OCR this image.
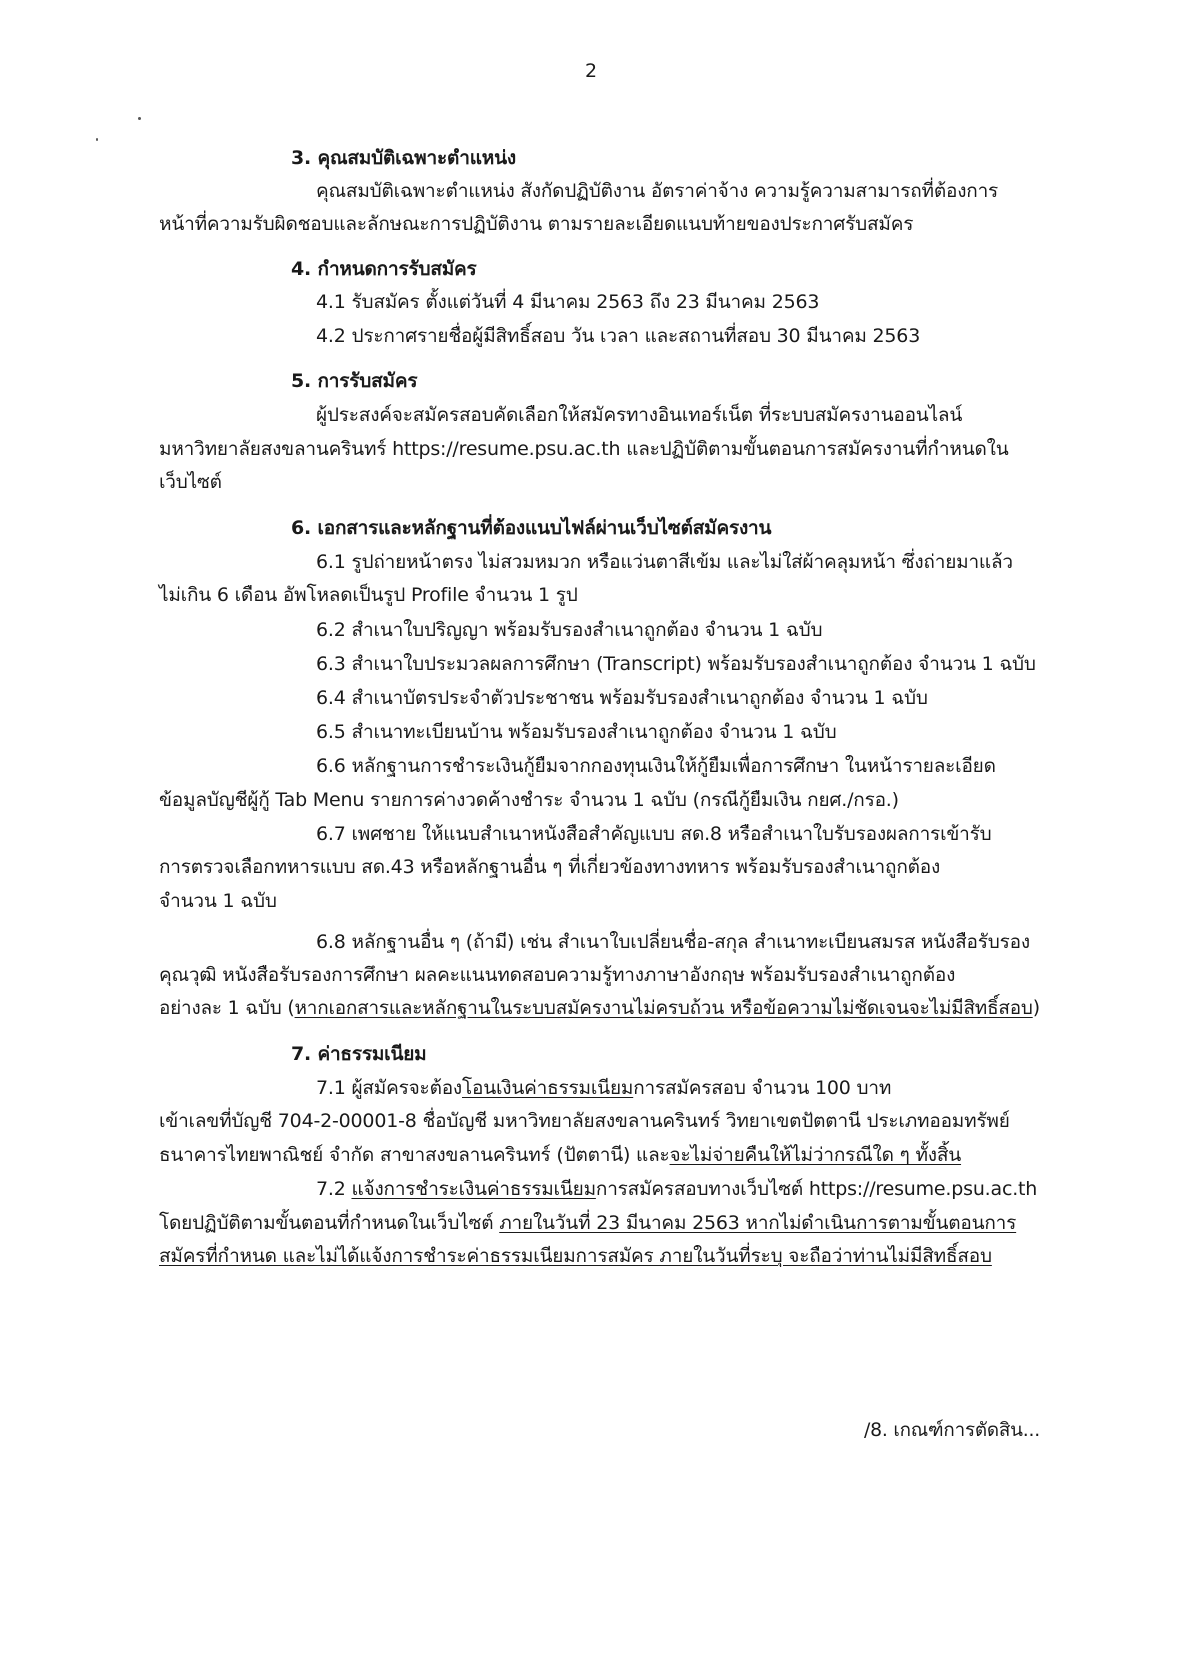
2
3. คุณสมบัติเฉพาะตำแหน่ง
คุณสมบัติเฉพาะตำแหน่ง สังกัดปฏิบัติงาน อัตราค่าจ้าง ความรู้ความสามารถที่ต้องการ
หน้าที่ความรับผิดชอบและลักษณะการปฏิบัติงาน ตามรายละเอียดแนบท้ายของประกาศรับสมัคร
4. กำหนดการรับสมัคร
4.1 รับสมัคร ตั้งแต่วันที่ 4 มีนาคม 2563 ถึง 23 มีนาคม 2563
4.2 ประกาศรายชื่อผู้มีสิทธิ์สอบ วัน เวลา และสถานที่สอบ 30 มีนาคม 2563
5. การรับสมัคร
ผู้ประสงค์จะสมัครสอบคัดเลือกให้สมัครทางอินเทอร์เน็ต ที่ระบบสมัครงานออนไลน์
มหาวิทยาลัยสงขลานครินทร์ https://resume.psu.ac.th และปฏิบัติตามขั้นตอนการสมัครงานที่กำหนดใน
เว็บไซต์
6. เอกสารและหลักฐานที่ต้องแนบไฟล์ผ่านเว็บไซต์สมัครงาน
6.1 รูปถ่ายหน้าตรง ไม่สวมหมวก หรือแว่นตาสีเข้ม และไม่ใส่ผ้าคลุมหน้า ซึ่งถ่ายมาแล้ว
ไม่เกิน 6 เดือน อัพโหลดเป็นรูป Profile จำนวน 1 รูป
6.2 สำเนาใบปริญญา พร้อมรับรองสำเนาถูกต้อง จำนวน 1 ฉบับ
6.3 สำเนาใบประมวลผลการศึกษา (Transcript) พร้อมรับรองสำเนาถูกต้อง จำนวน 1 ฉบับ
6.4 สำเนาบัตรประจำตัวประชาชน พร้อมรับรองสำเนาถูกต้อง จำนวน 1 ฉบับ
6.5 สำเนาทะเบียนบ้าน พร้อมรับรองสำเนาถูกต้อง จำนวน 1 ฉบับ
6.6 หลักฐานการชำระเงินกู้ยืมจากกองทุนเงินให้กู้ยืมเพื่อการศึกษา ในหน้ารายละเอียด
ข้อมูลบัญชีผู้กู้ Tab Menu รายการค่างวดค้างชำระ จำนวน 1 ฉบับ (กรณีกู้ยืมเงิน กยศ./กรอ.)
6.7 เพศชาย ให้แนบสำเนาหนังสือสำคัญแบบ สด.8 หรือสำเนาใบรับรองผลการเข้ารับ
การตรวจเลือกทหารแบบ สด.43 หรือหลักฐานอื่น ๆ ที่เกี่ยวข้องทางทหาร พร้อมรับรองสำเนาถูกต้อง
จำนวน 1 ฉบับ
6.8 หลักฐานอื่น ๆ (ถ้ามี) เช่น สำเนาใบเปลี่ยนชื่อ-สกุล สำเนาทะเบียนสมรส หนังสือรับรอง
คุณวุฒิ หนังสือรับรองการศึกษา ผลคะแนนทดสอบความรู้ทางภาษาอังกฤษ พร้อมรับรองสำเนาถูกต้อง
อย่างละ 1 ฉบับ (หากเอกสารและหลักฐานในระบบสมัครงานไม่ครบถ้วน หรือข้อความไม่ชัดเจนจะไม่มีสิทธิ์สอบ)
7. ค่าธรรมเนียม
7.1 ผู้สมัครจะต้องโอนเงินค่าธรรมเนียมการสมัครสอบ จำนวน 100 บาท
เข้าเลขที่บัญชี 704-2-00001-8 ชื่อบัญชี มหาวิทยาลัยสงขลานครินทร์ วิทยาเขตปัตตานี ประเภทออมทรัพย์
ธนาคารไทยพาณิชย์ จำกัด สาขาสงขลานครินทร์ (ปัตตานี) และจะไม่จ่ายคืนให้ไม่ว่ากรณีใด ๆ ทั้งสิ้น
7.2 แจ้งการชำระเงินค่าธรรมเนียมการสมัครสอบทางเว็บไซต์ https://resume.psu.ac.th
โดยปฏิบัติตามขั้นตอนที่กำหนดในเว็บไซต์ ภายในวันที่ 23 มีนาคม 2563 หากไม่ดำเนินการตามขั้นตอนการ
สมัครที่กำหนด และไม่ได้แจ้งการชำระค่าธรรมเนียมการสมัคร ภายในวันที่ระบุ จะถือว่าท่านไม่มีสิทธิ์สอบ
/8. เกณฑ์การตัดสิน...
